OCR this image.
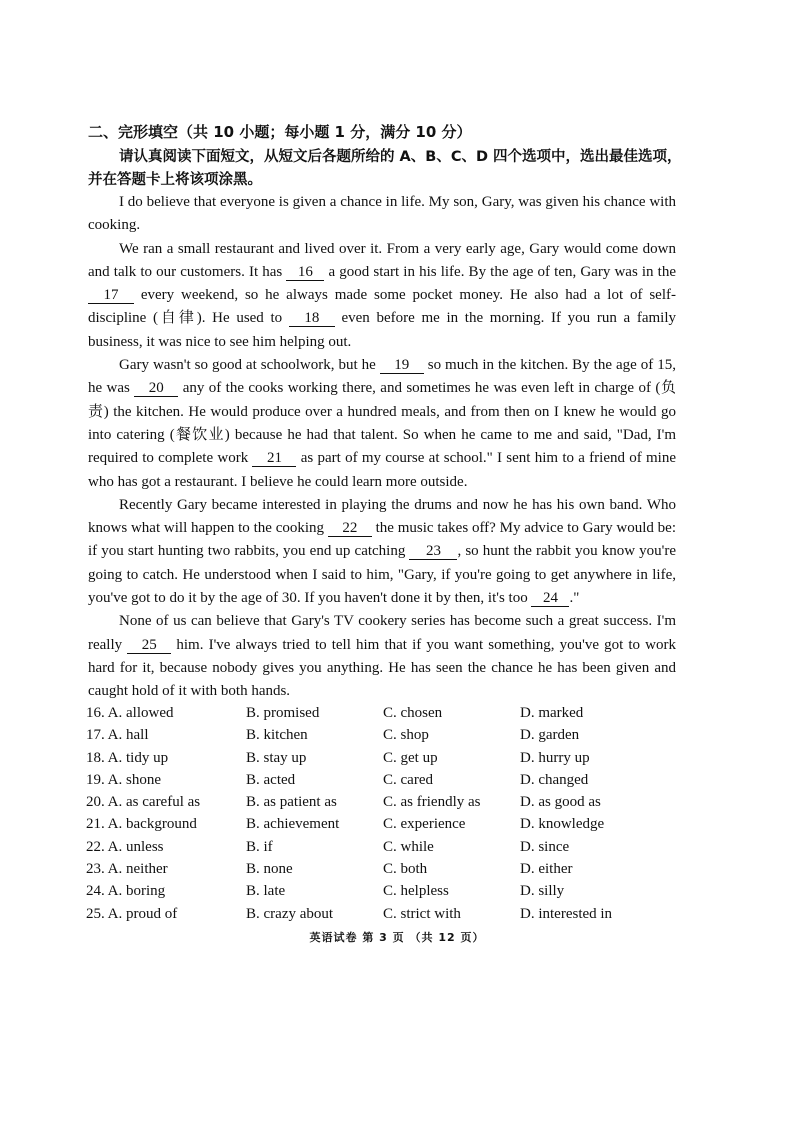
二、完形填空（共 10 小题；每小题 1 分，满分 10 分）
请认真阅读下面短文，从短文后各题所给的 A、B、C、D 四个选项中，选出最佳选项，并在答题卡上将该项涂黑。

I do believe that everyone is given a chance in life. My son, Gary, was given his chance with cooking.

We ran a small restaurant and lived over it. From a very early age, Gary would come down and talk to our customers. It has 16 a good start in his life. By the age of ten, Gary was in the 17 every weekend, so he always made some pocket money. He also had a lot of self-discipline (自律). He used to 18 even before me in the morning. If you run a family business, it was nice to see him helping out.

Gary wasn't so good at schoolwork, but he 19 so much in the kitchen. By the age of 15, he was 20 any of the cooks working there, and sometimes he was even left in charge of (负责) the kitchen. He would produce over a hundred meals, and from then on I knew he would go into catering (餐饮业) because he had that talent. So when he came to me and said, "Dad, I'm required to complete work 21 as part of my course at school." I sent him to a friend of mine who has got a restaurant. I believe he could learn more outside.

Recently Gary became interested in playing the drums and now he has his own band. Who knows what will happen to the cooking 22 the music takes off? My advice to Gary would be: if you start hunting two rabbits, you end up catching 23 , so hunt the rabbit you know you're going to catch. He understood when I said to him, "Gary, if you're going to get anywhere in life, you've got to do it by the age of 30. If you haven't done it by then, it's too 24 ."

None of us can believe that Gary's TV cookery series has become such a great success. I'm really 25 him. I've always tried to tell him that if you want something, you've got to work hard for it, because nobody gives you anything. He has seen the chance he has been given and caught hold of it with both hands.

16. A. allowed	B. promised	C. chosen	D. marked
17. A. hall	B. kitchen	C. shop	D. garden
18. A. tidy up	B. stay up	C. get up	D. hurry up
19. A. shone	B. acted	C. cared	D. changed
20. A. as careful as	B. as patient as	C. as friendly as	D. as good as
21. A. background	B. achievement	C. experience	D. knowledge
22. A. unless	B. if	C. while	D. since
23. A. neither	B. none	C. both	D. either
24. A. boring	B. late	C. helpless	D. silly
25. A. proud of	B. crazy about	C. strict with	D. interested in
英语试卷 第 3 页 （共 12 页）
